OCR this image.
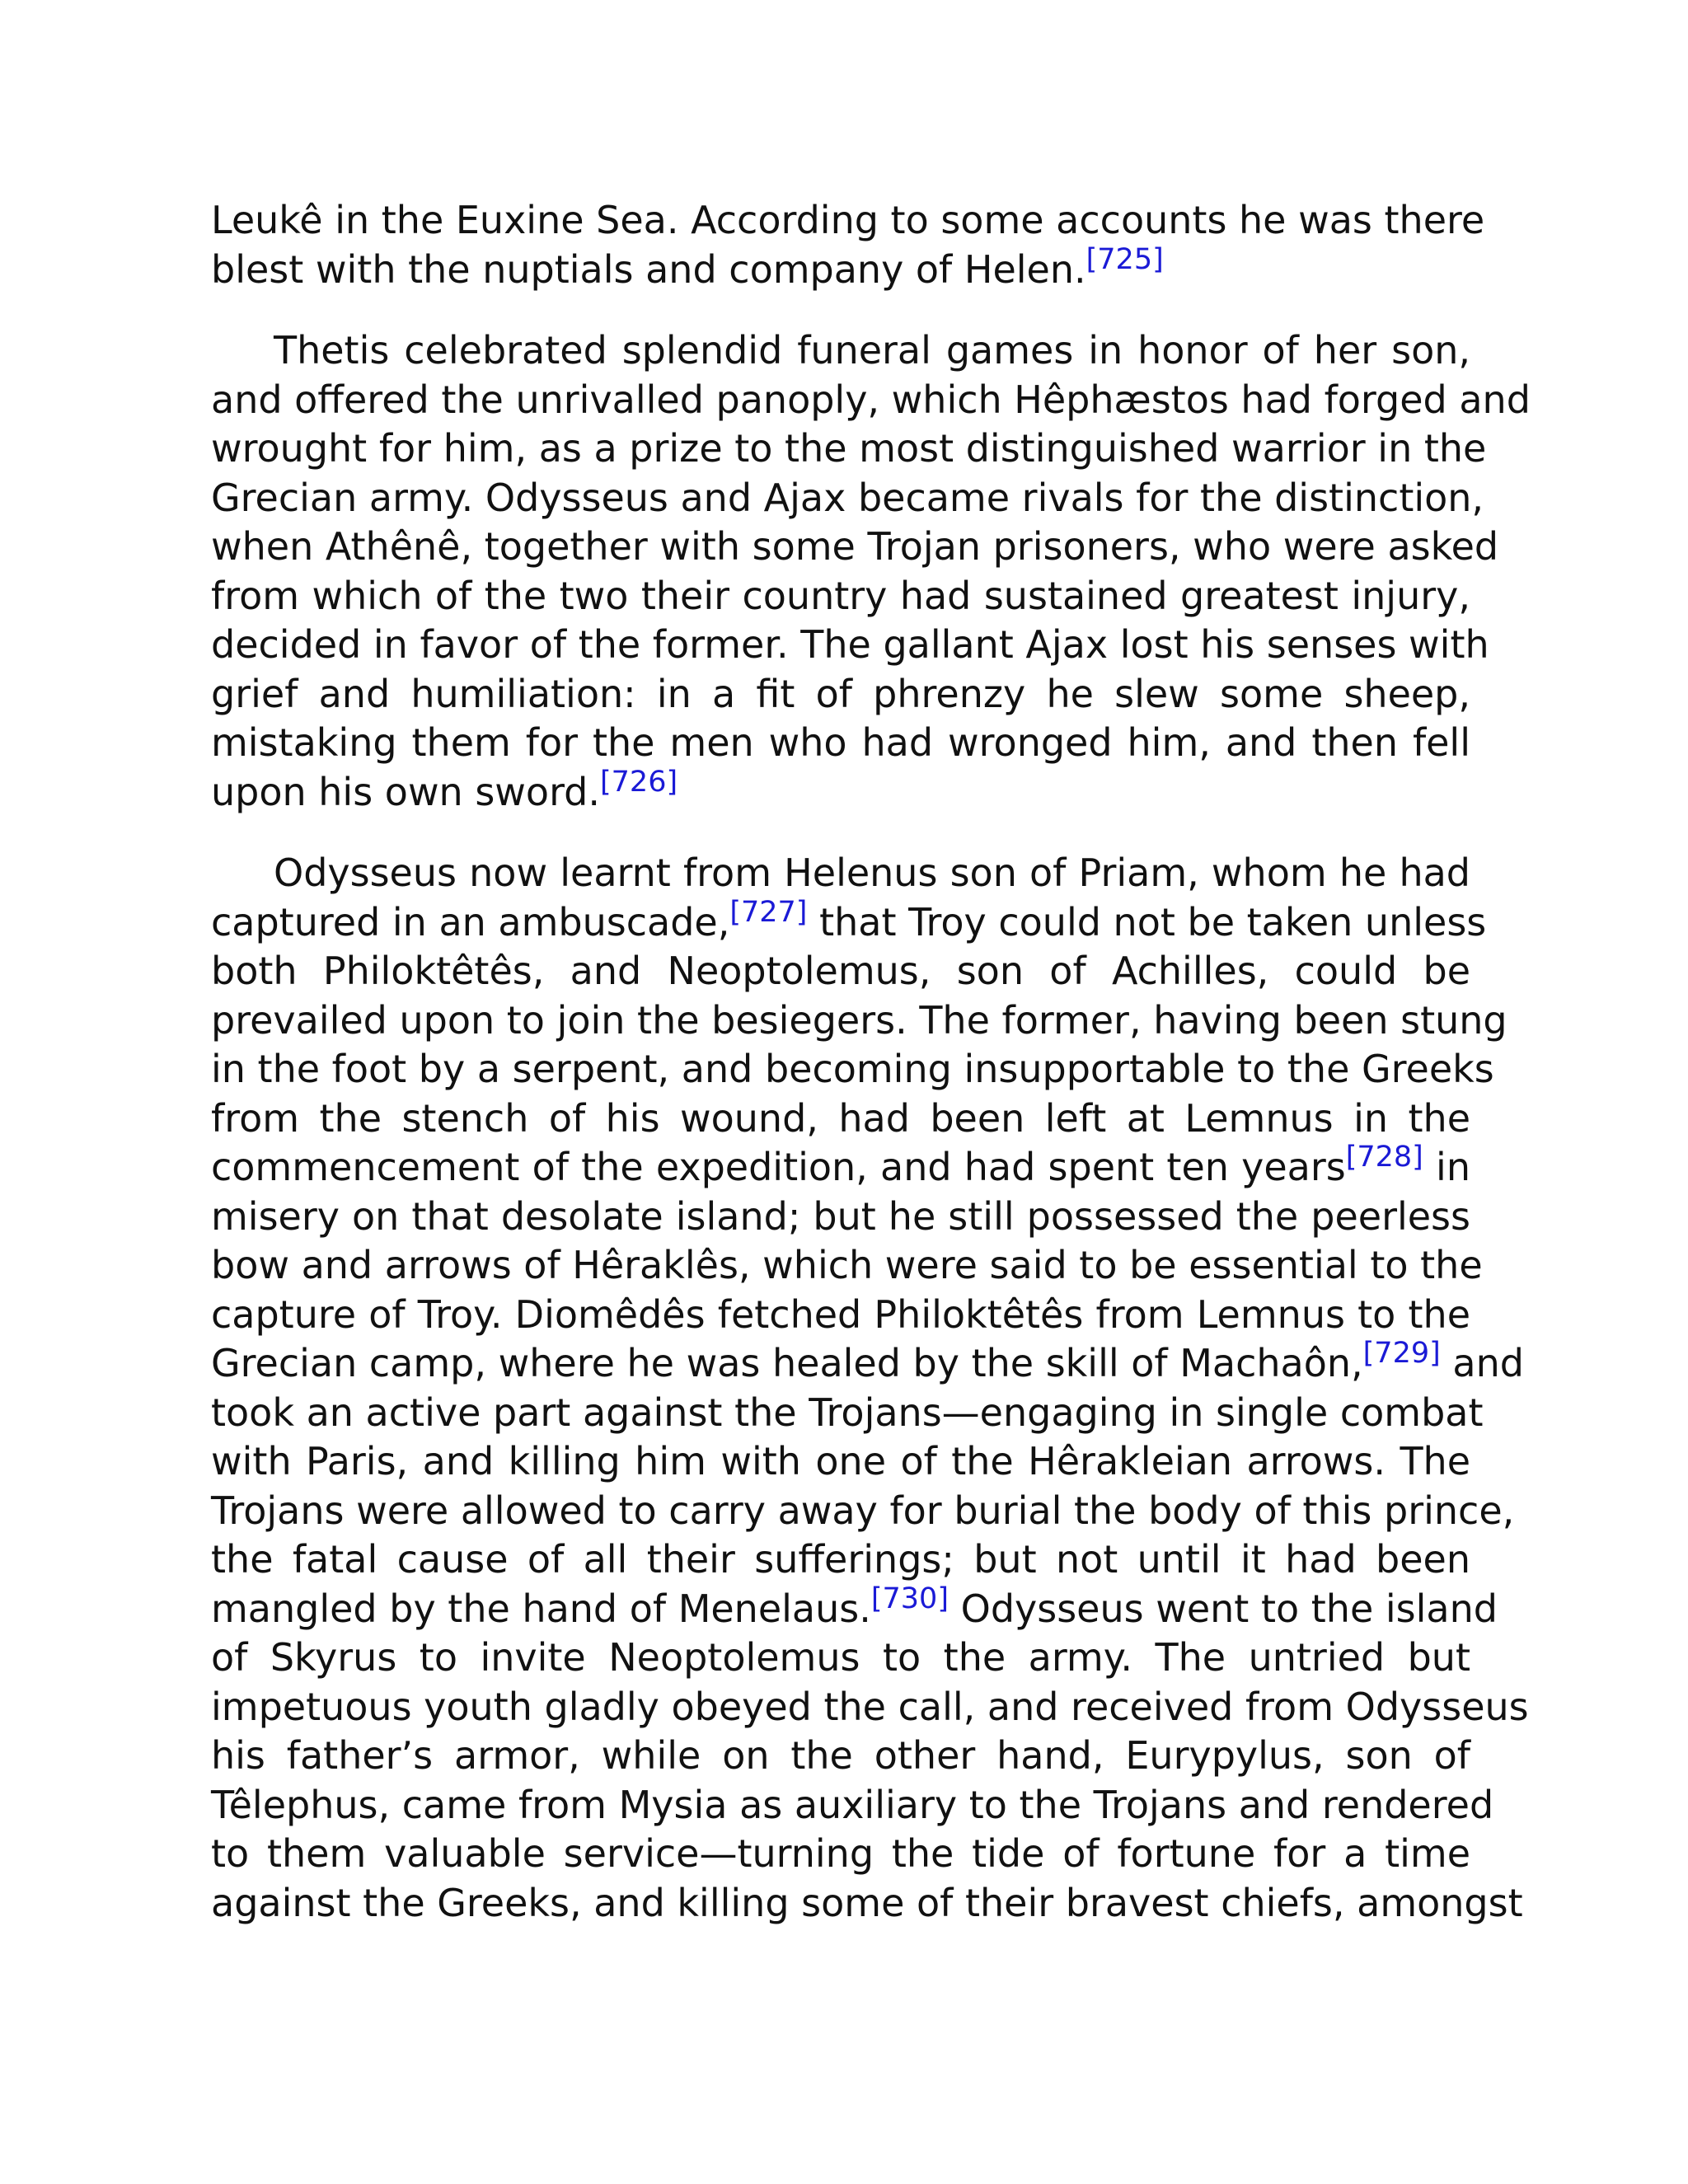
Leukê in the Euxine Sea. According to some accounts he was there
blest with the nuptials and company of Helen.[725]
Thetis celebrated splendid funeral games in honor of her son,
and offered the unrivalled panoply, which Hêphæstos had forged and
wrought for him, as a prize to the most distinguished warrior in the
Grecian army. Odysseus and Ajax became rivals for the distinction,
when Athênê, together with some Trojan prisoners, who were asked
from which of the two their country had sustained greatest injury,
decided in favor of the former. The gallant Ajax lost his senses with
grief and humiliation: in a fit of phrenzy he slew some sheep,
mistaking them for the men who had wronged him, and then fell
upon his own sword.[726]
Odysseus now learnt from Helenus son of Priam, whom he had
captured in an ambuscade,[727] that Troy could not be taken unless
both Philoktêtês, and Neoptolemus, son of Achilles, could be
prevailed upon to join the besiegers. The former, having been stung
in the foot by a serpent, and becoming insupportable to the Greeks
from the stench of his wound, had been left at Lemnus in the
commencement of the expedition, and had spent ten years[728] in
misery on that desolate island; but he still possessed the peerless
bow and arrows of Hêraklês, which were said to be essential to the
capture of Troy. Diomêdês fetched Philoktêtês from Lemnus to the
Grecian camp, where he was healed by the skill of Machaôn,[729] and
took an active part against the Trojans—engaging in single combat
with Paris, and killing him with one of the Hêrakleian arrows. The
Trojans were allowed to carry away for burial the body of this prince,
the fatal cause of all their sufferings; but not until it had been
mangled by the hand of Menelaus.[730] Odysseus went to the island
of Skyrus to invite Neoptolemus to the army. The untried but
impetuous youth gladly obeyed the call, and received from Odysseus
his father’s armor, while on the other hand, Eurypylus, son of
Têlephus, came from Mysia as auxiliary to the Trojans and rendered
to them valuable service—turning the tide of fortune for a time
against the Greeks, and killing some of their bravest chiefs, amongst
